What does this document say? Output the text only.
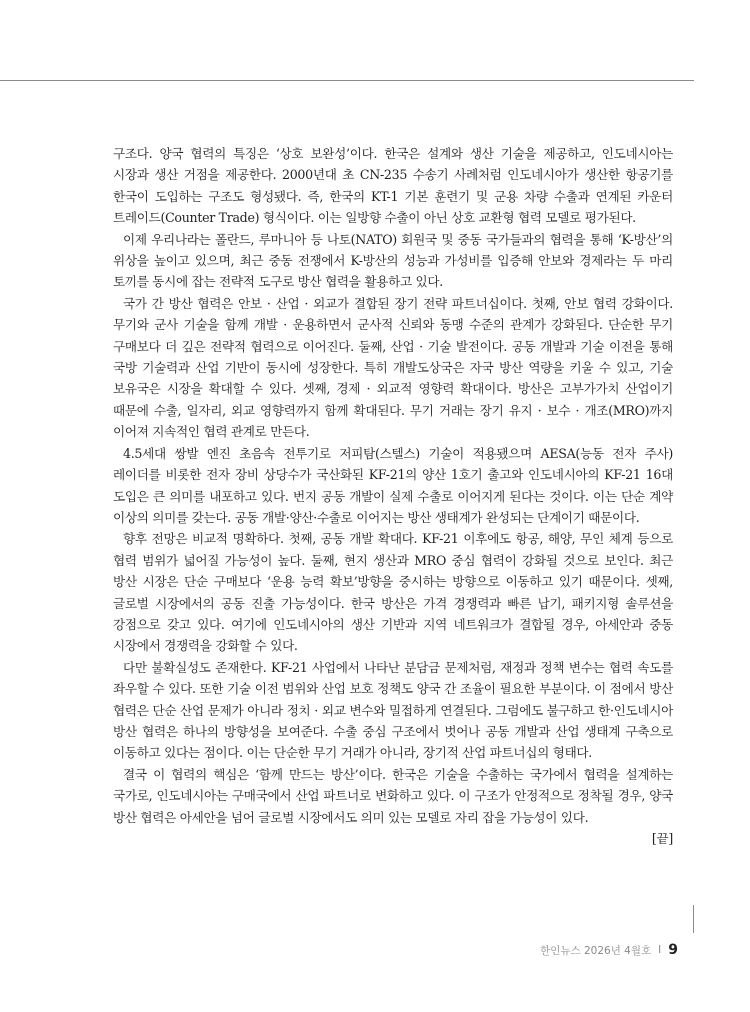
구조다. 양국 협력의 특징은 ‘상호 보완성’이다. 한국은 설계와 생산 기술을 제공하고, 인도네시아는 시장과 생산 거점을 제공한다. 2000년대 초 CN-235 수송기 사례처럼 인도네시아가 생산한 항공기를 한국이 도입하는 구조도 형성됐다. 즉, 한국의 KT-1 기본 훈련기 및 군용 차량 수출과 연계된 카운터 트레이드(Counter Trade) 형식이다. 이는 일방향 수출이 아닌 상호 교환형 협력 모델로 평가된다.

이제 우리나라는 폴란드, 루마니아 등 나토(NATO) 회원국 및 중동 국가들과의 협력을 통해 ‘K-방산’의 위상을 높이고 있으며, 최근 중동 전쟁에서 K-방산의 성능과 가성비를 입증해 안보와 경제라는 두 마리 토끼를 동시에 잡는 전략적 도구로 방산 협력을 활용하고 있다.

국가 간 방산 협력은 안보 · 산업 · 외교가 결합된 장기 전략 파트너십이다. 첫째, 안보 협력 강화이다. 무기와 군사 기술을 함께 개발 · 운용하면서 군사적 신뢰와 동맹 수준의 관계가 강화된다. 단순한 무기 구매보다 더 깊은 전략적 협력으로 이어진다. 둘째, 산업 · 기술 발전이다. 공동 개발과 기술 이전을 통해 국방 기술력과 산업 기반이 동시에 성장한다. 특히 개발도상국은 자국 방산 역량을 키울 수 있고, 기술 보유국은 시장을 확대할 수 있다. 셋째, 경제 · 외교적 영향력 확대이다. 방산은 고부가가치 산업이기 때문에 수출, 일자리, 외교 영향력까지 함께 확대된다. 무기 거래는 장기 유지 · 보수 · 개조(MRO)까지 이어져 지속적인 협력 관계로 만든다.

4.5세대 쌍발 엔진 초음속 전투기로 저피탐(스텔스) 기술이 적용됐으며 AESA(능동 전자 주사) 레이더를 비롯한 전자 장비 상당수가 국산화된 KF-21의 양산 1호기 출고와 인도네시아의 KF-21 16대 도입은 큰 의미를 내포하고 있다. 번지 공동 개발이 실제 수출로 이어지게 된다는 것이다. 이는 단순 계약 이상의 의미를 갖는다. 공동 개발·양산·수출로 이어지는 방산 생태계가 완성되는 단계이기 때문이다.

향후 전망은 비교적 명확하다. 첫째, 공동 개발 확대다. KF-21 이후에도 항공, 해양, 무인 체계 등으로 협력 범위가 넓어질 가능성이 높다. 둘째, 현지 생산과 MRO 중심 협력이 강화될 것으로 보인다. 최근 방산 시장은 단순 구매보다 ‘운용 능력 확보’방향을 중시하는 방향으로 이동하고 있기 때문이다. 셋째, 글로벌 시장에서의 공동 진출 가능성이다. 한국 방산은 가격 경쟁력과 빠른 납기, 패키지형 솔루션을 강점으로 갖고 있다. 여기에 인도네시아의 생산 기반과 지역 네트워크가 결합될 경우, 아세안과 중동 시장에서 경쟁력을 강화할 수 있다.

다만 불확실성도 존재한다. KF-21 사업에서 나타난 분담금 문제처럼, 재정과 정책 변수는 협력 속도를 좌우할 수 있다. 또한 기술 이전 범위와 산업 보호 정책도 양국 간 조율이 필요한 부분이다. 이 점에서 방산 협력은 단순 산업 문제가 아니라 정치 · 외교 변수와 밀접하게 연결된다. 그럼에도 불구하고 한·인도네시아 방산 협력은 하나의 방향성을 보여준다. 수출 중심 구조에서 벗어나 공동 개발과 산업 생태계 구축으로 이동하고 있다는 점이다. 이는 단순한 무기 거래가 아니라, 장기적 산업 파트너십의 형태다.

결국 이 협력의 핵심은 ‘함께 만드는 방산’이다. 한국은 기술을 수출하는 국가에서 협력을 설계하는 국가로, 인도네시아는 구매국에서 산업 파트너로 변화하고 있다. 이 구조가 안정적으로 정착될 경우, 양국 방산 협력은 아세안을 넘어 글로벌 시장에서도 의미 있는 모델로 자리 잡을 가능성이 있다.

[끝]
한인뉴스 2026년 4월호 I 9
